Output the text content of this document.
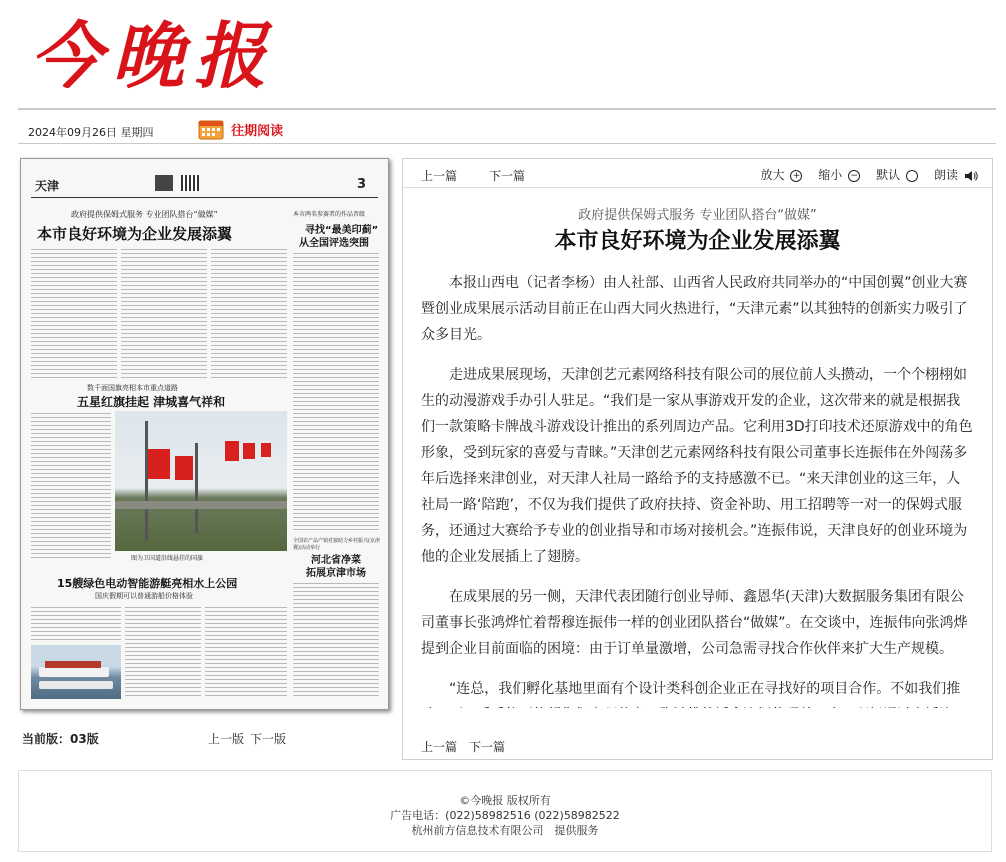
今晚报
2024年09月26日 星期四	往期阅读
天津	3
政府提供保姆式服务 专业团队搭台“做媒”
本市良好环境为企业发展添翼
本市两名参赛者的作品晋级
寻找“最美印蓟”
从全国评选突围
数千面国旗亮相本市重点道路
五星红旗挂起 津城喜气祥和
图为卫国道沿线悬挂的国旗
全国农产品产销对接助力乡村振兴(京津冀)活动举行
河北省净菜
拓展京津市场
15艘绿色电动智能游艇亮相水上公园
国庆假期可以普通游船价格体验
当前版：03版	上一版 下一版
上一篇	下一篇	放大 + 缩小 − 默认	朗读
政府提供保姆式服务 专业团队搭台“做媒”
本市良好环境为企业发展添翼

本报山西电（记者李杨）由人社部、山西省人民政府共同举办的“中国创翼”创业大赛暨创业成果展示活动目前正在山西大同火热进行，“天津元素”以其独特的创新实力吸引了众多目光。

走进成果展现场，天津创艺元素网络科技有限公司的展位前人头攒动，一个个栩栩如生的动漫游戏手办引人驻足。“我们是一家从事游戏开发的企业，这次带来的就是根据我们一款策略卡牌战斗游戏设计推出的系列周边产品。它利用3D打印技术还原游戏中的角色形象，受到玩家的喜爱与青睐。”天津创艺元素网络科技有限公司董事长连振伟在外闯荡多年后选择来津创业，对天津人社局一路给予的支持感激不已。“来天津创业的这三年，人社局一路‘陪跑’，不仅为我们提供了政府扶持、资金补助、用工招聘等一对一的保姆式服务，还通过大赛给予专业的创业指导和市场对接机会。”连振伟说，天津良好的创业环境为他的企业发展插上了翅膀。

在成果展的另一侧，天津代表团随行创业导师、鑫恩华(天津)大数据服务集团有限公司董事长张鸿烨忙着帮穆连振伟一样的创业团队搭台“做媒”。在交谈中，连振伟向张鸿烨提到企业目前面临的困境：由于订单量激增，公司急需寻找合作伙伴来扩大生产规模。

“连总，我们孵化基地里面有个设计类科创企业正在寻找好的项目合作。不如我们推

上一篇 下一篇
©今晚报 版权所有
广告电话：(022)58982516 (022)58982522
杭州前方信息技术有限公司　提供服务
